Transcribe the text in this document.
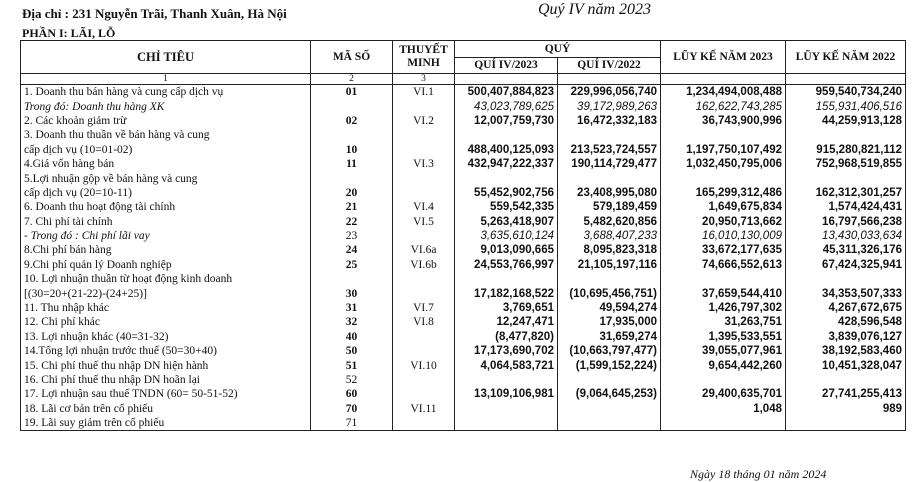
Địa chỉ : 231 Nguyễn Trãi, Thanh Xuân, Hà Nội	Quý IV năm 2023
PHẦN I: LÃI, LỖ
CHỈ TIÊU	MÃ SỐ	THUYẾT MINH	QUÝ		LŨY KẾ NĂM 2023	LŨY KẾ NĂM 2022
			QUÍ IV/2023	QUÍ IV/2022		
1	2	3				
1. Doanh thu bán hàng và cung cấp dịch vụ	01	VI.1	500,407,884,823	229,996,056,740	1,234,494,008,488	959,540,734,240
Trong đó: Doanh thu hàng XK			43,023,789,625	39,172,989,263	162,622,743,285	155,931,406,516
2. Các khoản giảm trừ	02	VI.2	12,007,759,730	16,472,332,183	36,743,900,996	44,259,913,128
3. Doanh thu thuần về bán hàng và cung						
cấp dịch vụ (10=01-02)	10		488,400,125,093	213,523,724,557	1,197,750,107,492	915,280,821,112
4.Giá vốn hàng bán	11	VI.3	432,947,222,337	190,114,729,477	1,032,450,795,006	752,968,519,855
5.Lợi nhuận gộp về bán hàng và cung						
cấp dịch vụ (20=10-11)	20		55,452,902,756	23,408,995,080	165,299,312,486	162,312,301,257
6. Doanh thu hoạt động tài chính	21	VI.4	559,542,335	579,189,459	1,649,675,834	1,574,424,431
7. Chi phí tài chính	22	VI.5	5,263,418,907	5,482,620,856	20,950,713,662	16,797,566,238
- Trong đó : Chi phí lãi vay	23		3,635,610,124	3,688,407,233	16,010,130,009	13,430,033,634
8.Chi phí bán hàng	24	VI.6a	9,013,090,665	8,095,823,318	33,672,177,635	45,311,326,176
9.Chi phí quản lý Doanh nghiệp	25	VI.6b	24,553,766,997	21,105,197,116	74,666,552,613	67,424,325,941
10. Lợi nhuận thuần từ hoạt động kinh doanh						
[(30=20+(21-22)-(24+25)]	30		17,182,168,522	(10,695,456,751)	37,659,544,410	34,353,507,333
11. Thu nhập khác	31	VI.7	3,769,651	49,594,274	1,426,797,302	4,267,672,675
12. Chi phí khác	32	VI.8	12,247,471	17,935,000	31,263,751	428,596,548
13. Lợi nhuận khác (40=31-32)	40		(8,477,820)	31,659,274	1,395,533,551	3,839,076,127
14.Tổng lợi nhuận trước thuế (50=30+40)	50		17,173,690,702	(10,663,797,477)	39,055,077,961	38,192,583,460
15. Chi phí thuế thu nhập DN hiện hành	51	VI.10	4,064,583,721	(1,599,152,224)	9,654,442,260	10,451,328,047
16. Chi phí thuế thu nhập DN hoãn lại	52					
17. Lợi nhuận sau thuế TNDN (60= 50-51-52)	60		13,109,106,981	(9,064,645,253)	29,400,635,701	27,741,255,413
18. Lãi cơ bản trên cổ phiếu	70	VI.11			1,048	989
19. Lãi suy giảm trên cổ phiếu	71					
Ngày 18 tháng 01 năm 2024
